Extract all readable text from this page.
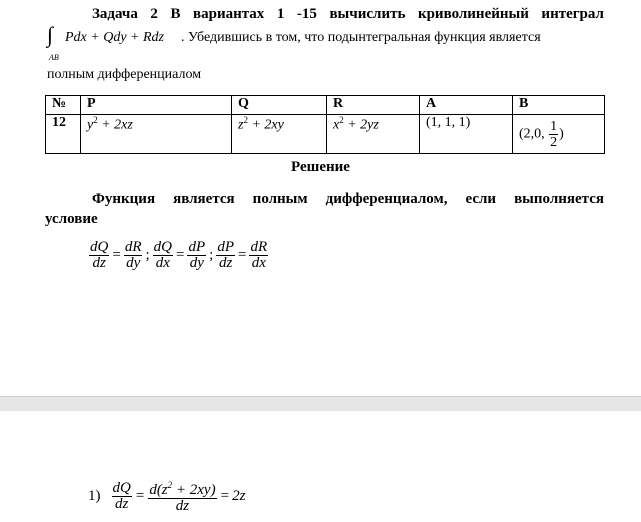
Задача 2 В вариантах 1 -15 вычислить криволинейный интеграл
∫
AB
Pdx + Qdy + Rdz . Убедившись в том, что подынтегральная функция является
полным дифференциалом
№	P	Q	R	A	B
12	$y^2 + 2xz$	$z^2 + 2xy$	$x^2 + 2yz$	(1, 1, 1)	(2,0, $\frac{1}{2}$ )
Решение
Функция является полным дифференциалом, если выполняется
условие
$\frac{dQ}{dz} = \frac{dR}{dy}$ ; $\frac{dQ}{dx} = \frac{dP}{dy}$ ; $\frac{dP}{dz} = \frac{dR}{dx}$
$1) \frac{dQ}{dz} = \frac{d(z^2 + 2xy)}{dz} = 2z$
